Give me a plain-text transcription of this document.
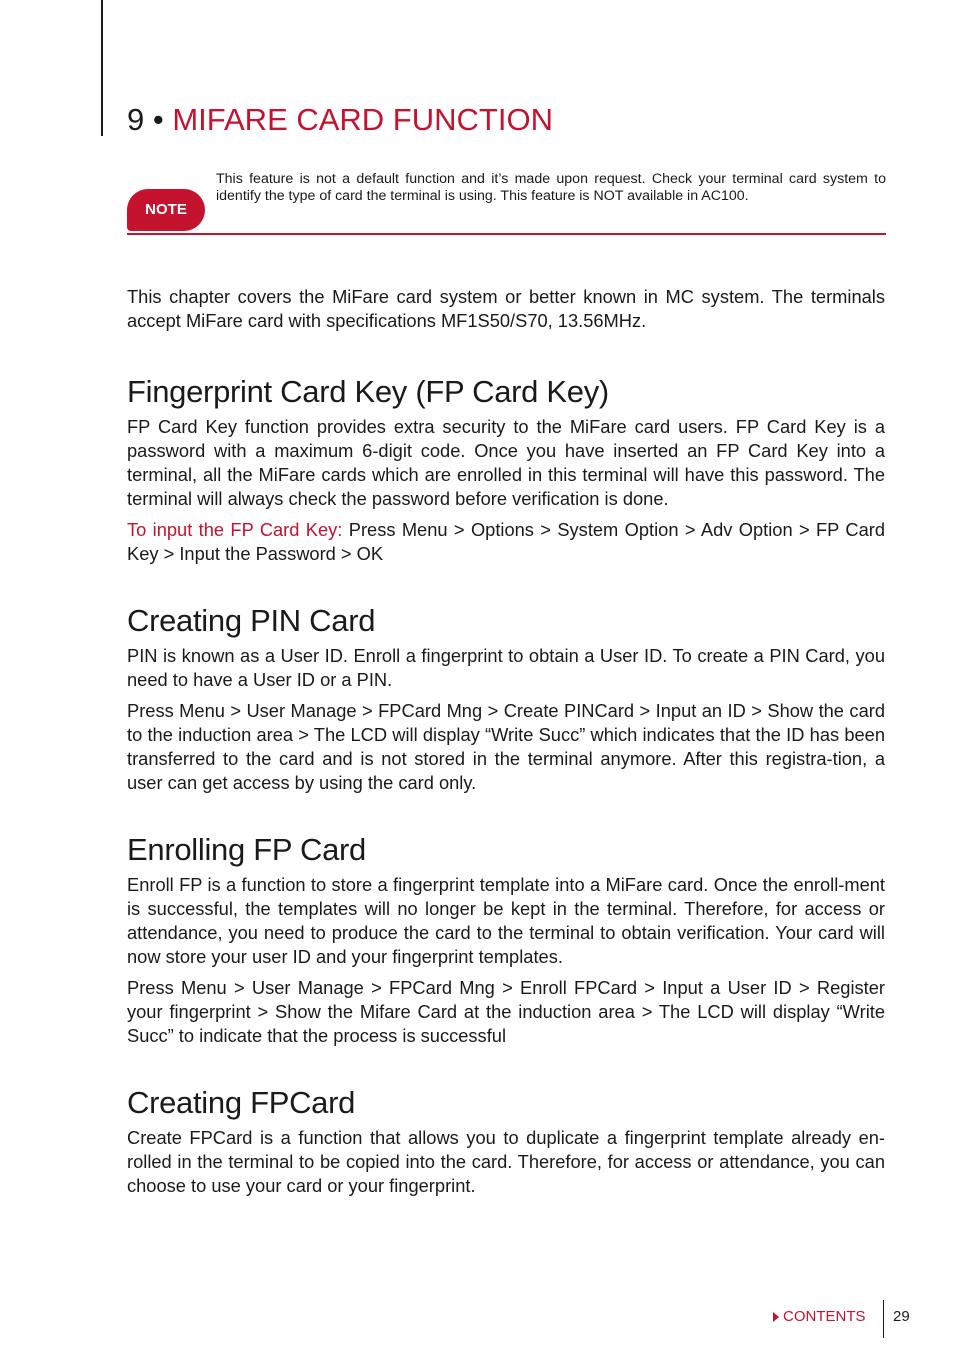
9 • MIFARE CARD FUNCTION
NOTE

This feature is not a default function and it’s made upon request. Check your terminal card system to identify the type of card the terminal is using. This feature is NOT available in AC100.

This chapter covers the MiFare card system or better known in MC system. The terminals accept MiFare card with specifications MF1S50/S70, 13.56MHz.

Fingerprint Card Key (FP Card Key)

FP Card Key function provides extra security to the MiFare card users. FP Card Key is a password with a maximum 6-digit code. Once you have inserted an FP Card Key into a terminal, all the MiFare cards which are enrolled in this terminal will have this password. The terminal will always check the password before verification is done.

To input the FP Card Key: Press Menu > Options > System Option > Adv Option > FP Card Key > Input the Password > OK

Creating PIN Card

PIN is known as a User ID. Enroll a fingerprint to obtain a User ID. To create a PIN Card, you need to have a User ID or a PIN.

Press Menu > User Manage > FPCard Mng > Create PINCard > Input an ID > Show the card to the induction area > The LCD will display “Write Succ” which indicates that the ID has been transferred to the card and is not stored in the terminal anymore. After this registra-tion, a user can get access by using the card only.

Enrolling FP Card

Enroll FP is a function to store a fingerprint template into a MiFare card. Once the enroll-ment is successful, the templates will no longer be kept in the terminal. Therefore, for access or attendance, you need to produce the card to the terminal to obtain verification. Your card will now store your user ID and your fingerprint templates.

Press Menu > User Manage > FPCard Mng > Enroll FPCard > Input a User ID > Register your fingerprint > Show the Mifare Card at the induction area > The LCD will display “Write Succ” to indicate that the process is successful

Creating FPCard

Create FPCard is a function that allows you to duplicate a fingerprint template already en-rolled in the terminal to be copied into the card. Therefore, for access or attendance, you can choose to use your card or your fingerprint.

CONTENTS 29
